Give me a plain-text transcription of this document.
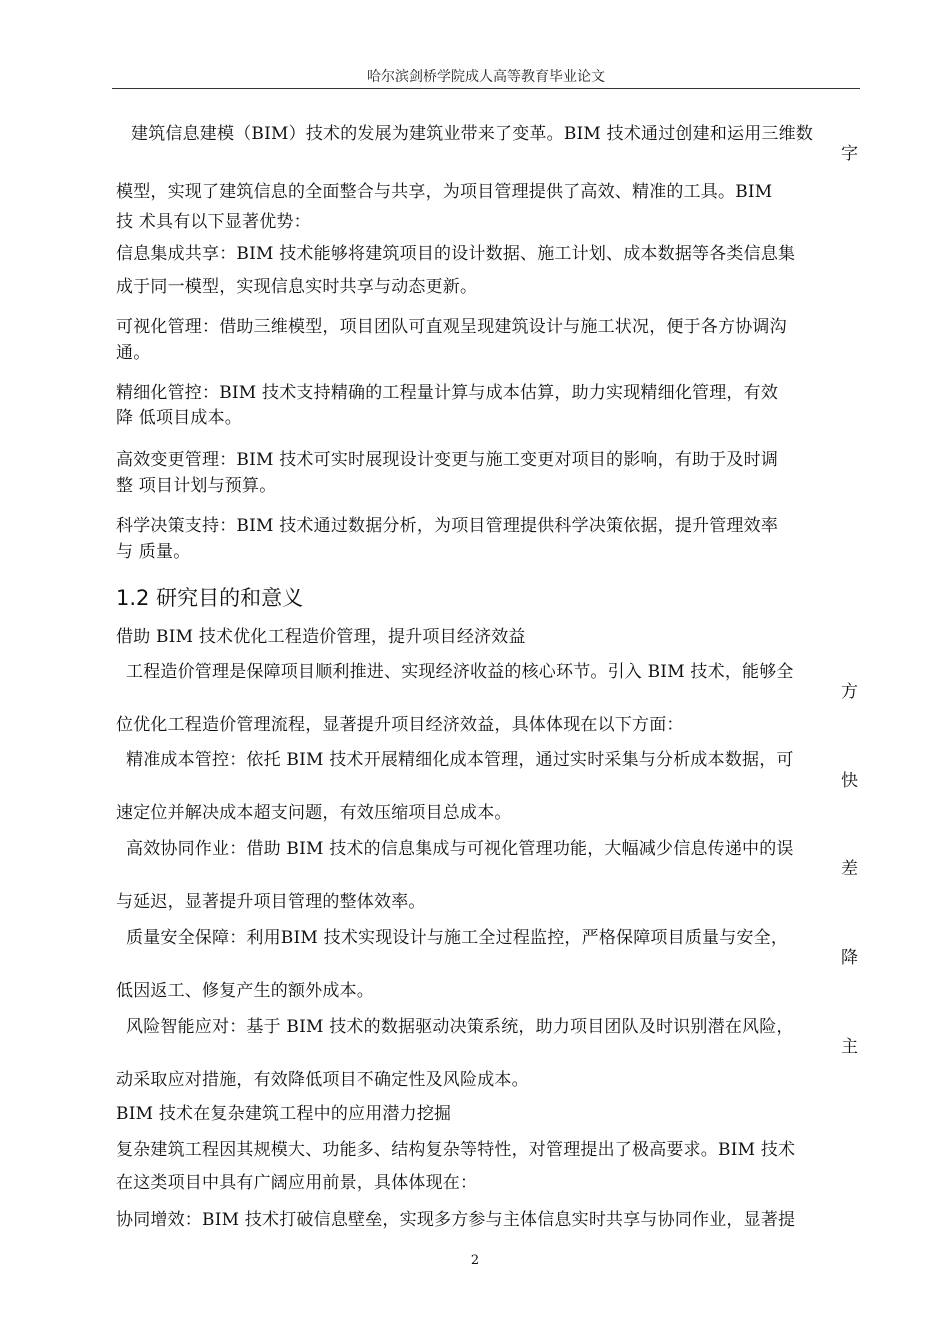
哈尔滨剑桥学院成人高等教育毕业论文
建筑信息建模（BIM）技术的发展为建筑业带来了变革。BIM 技术通过创建和运用三维数
字
模型，实现了建筑信息的全面整合与共享，为项目管理提供了高效、精准的工具。BIM
技 术具有以下显著优势：
信息集成共享：BIM 技术能够将建筑项目的设计数据、施工计划、成本数据等各类信息集
成于同一模型，实现信息实时共享与动态更新。
可视化管理：借助三维模型，项目团队可直观呈现建筑设计与施工状况，便于各方协调沟
通。
精细化管控：BIM 技术支持精确的工程量计算与成本估算，助力实现精细化管理，有效
降 低项目成本。
高效变更管理：BIM 技术可实时展现设计变更与施工变更对项目的影响，有助于及时调
整 项目计划与预算。
科学决策支持：BIM 技术通过数据分析，为项目管理提供科学决策依据，提升管理效率
与 质量。
1.2 研究目的和意义
借助 BIM 技术优化工程造价管理，提升项目经济效益
工程造价管理是保障项目顺利推进、实现经济收益的核心环节。引入 BIM 技术，能够全
方
位优化工程造价管理流程，显著提升项目经济效益，具体体现在以下方面：
精准成本管控：依托 BIM 技术开展精细化成本管理，通过实时采集与分析成本数据，可
快
速定位并解决成本超支问题，有效压缩项目总成本。
高效协同作业：借助 BIM 技术的信息集成与可视化管理功能，大幅减少信息传递中的误
差
与延迟，显著提升项目管理的整体效率。
质量安全保障：利用BIM 技术实现设计与施工全过程监控，严格保障项目质量与安全，
降
低因返工、修复产生的额外成本。
风险智能应对：基于 BIM 技术的数据驱动决策系统，助力项目团队及时识别潜在风险，
主
动采取应对措施，有效降低项目不确定性及风险成本。
BIM 技术在复杂建筑工程中的应用潜力挖掘
复杂建筑工程因其规模大、功能多、结构复杂等特性，对管理提出了极高要求。BIM 技术
在这类项目中具有广阔应用前景，具体体现在：
协同增效：BIM 技术打破信息壁垒，实现多方参与主体信息实时共享与协同作业，显著提
2
